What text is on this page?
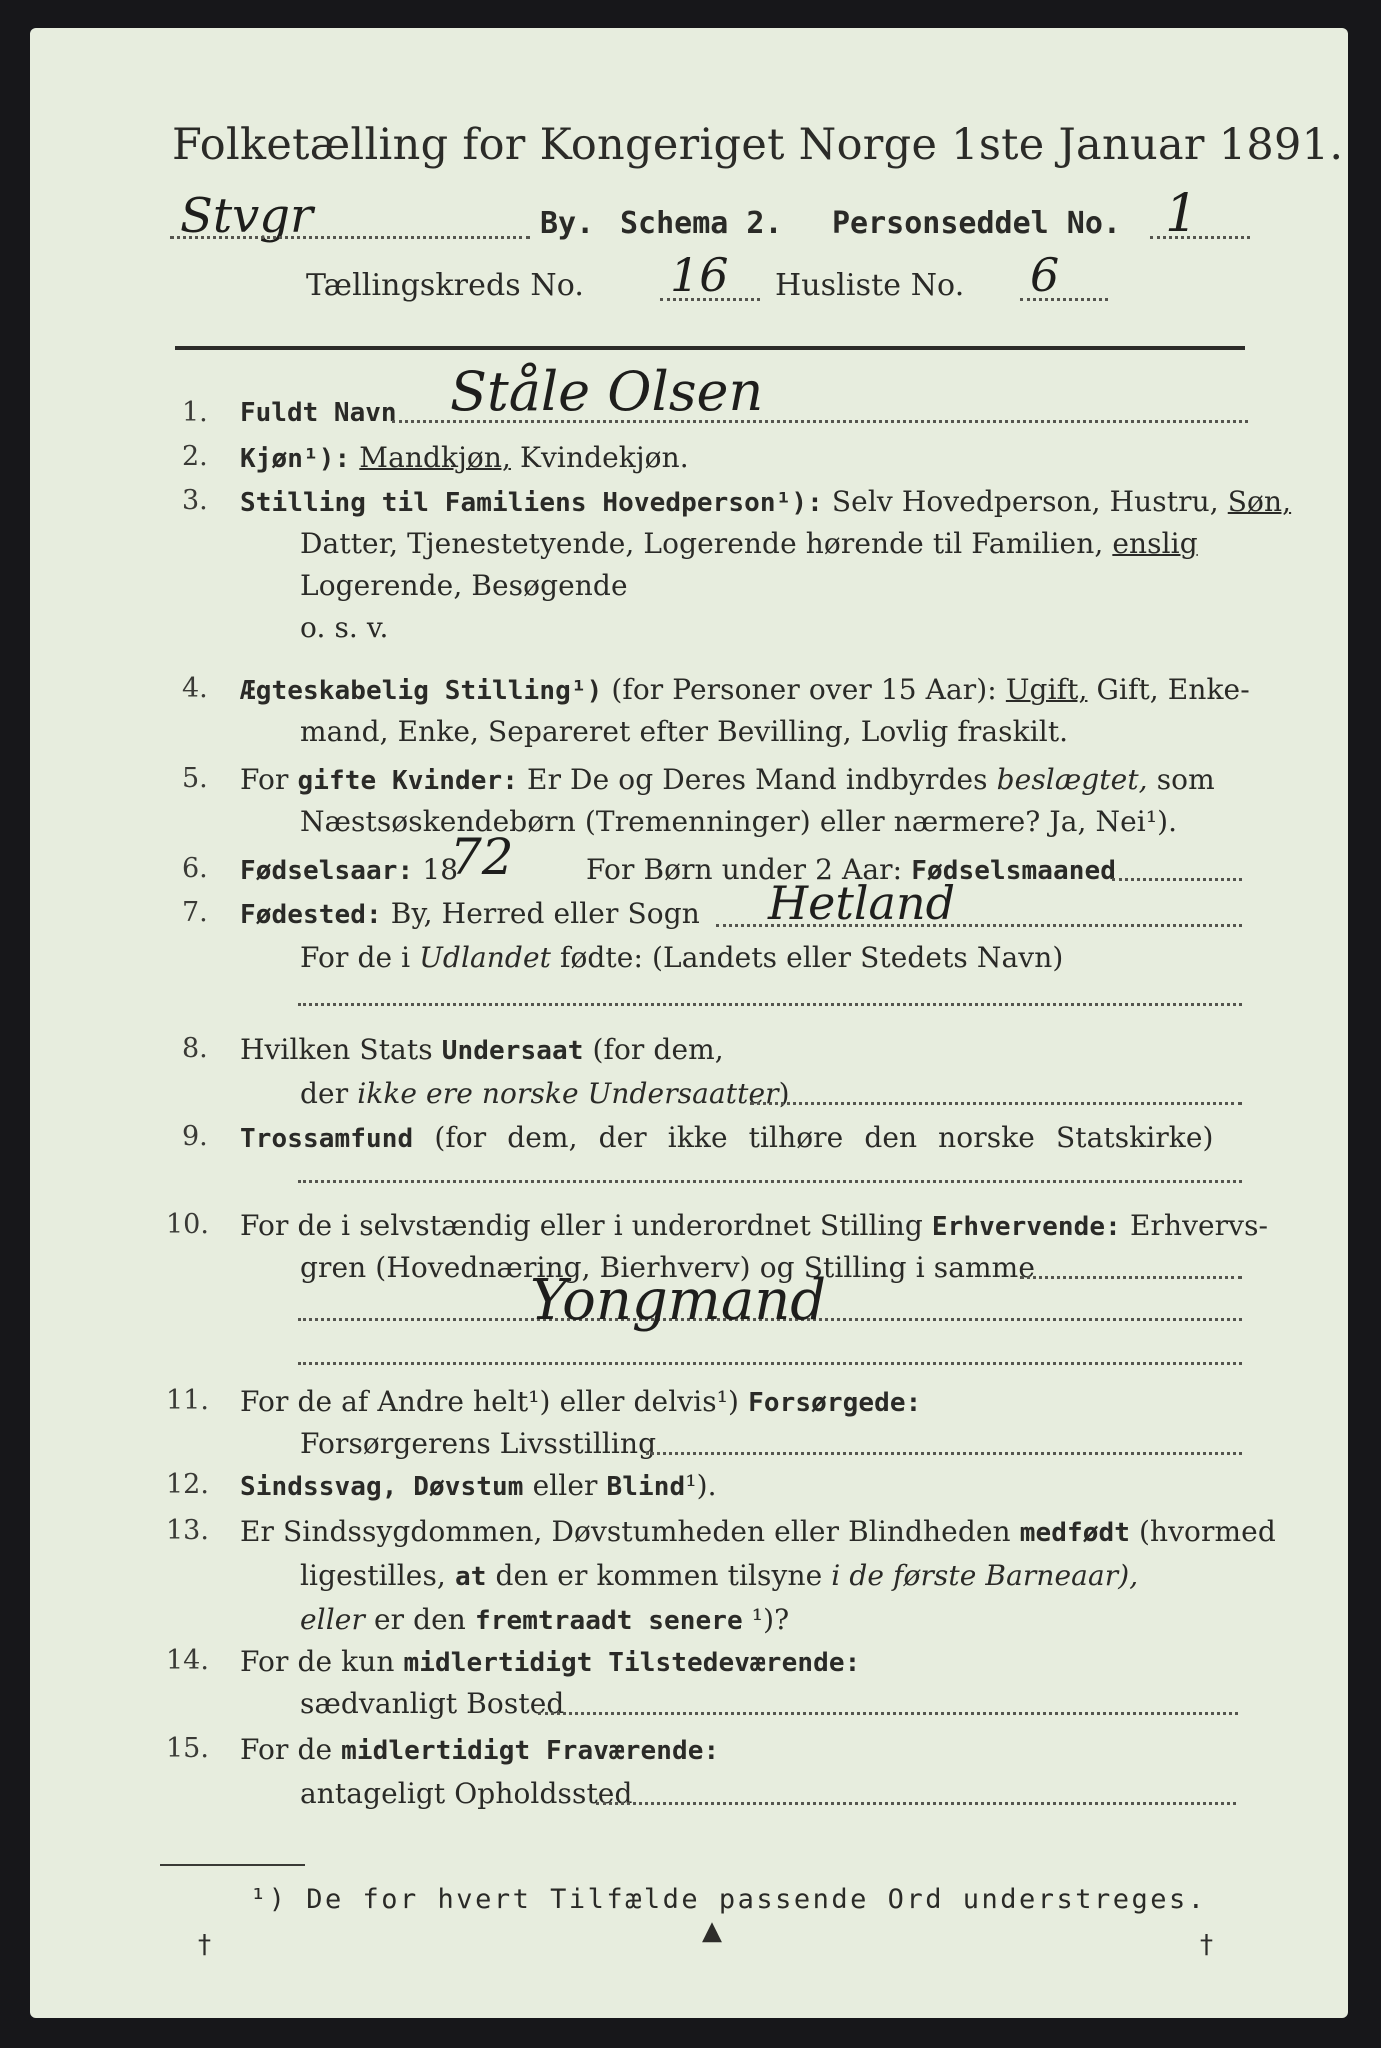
Folketælling for Kongeriget Norge 1ste Januar 1891.
Stvgr	By. Schema 2. Personseddel No. 1
Tællingskreds No. 16 Husliste No. 6
1. Fuldt Navn Ståle Olsen
2. Kjøn¹): Mandkjøn, Kvindekjøn.
3. Stilling til Familiens Hovedperson¹): Selv Hovedperson, Hustru, Søn,
Datter, Tjenestetyende, Logerende hørende til Familien, enslig
Logerende, Besøgende
o. s. v.
4. Ægteskabelig Stilling¹) (for Personer over 15 Aar): Ugift, Gift, Enke-
mand, Enke, Separeret efter Bevilling, Lovlig fraskilt.
5. For gifte Kvinder: Er De og Deres Mand indbyrdes beslægtet, som
Næstsøskendebørn (Tremenninger) eller nærmere? Ja, Nei¹).
6. Fødselsaar: 18
72	For Børn under 2 Aar: Fødselsmaaned
7. Fødested: By, Herred eller Sogn Hetland
For de i Udlandet fødte: (Landets eller Stedets Navn)
8. Hvilken Stats Undersaat (for dem,
der ikke ere norske Undersaatter)
9. Trossamfund (for dem, der ikke tilhøre den norske Statskirke)
10. For de i selvstændig eller i underordnet Stilling Erhvervende: Erhvervs-
gren (Hovednæring, Bierhverv) og Stilling i samme
Yongmand
11. For de af Andre helt¹) eller delvis¹) Forsørgede:
Forsørgerens Livsstilling
12. Sindssvag, Døvstum eller Blind¹).
13. Er Sindssygdommen, Døvstumheden eller Blindheden medfødt (hvormed
ligestilles, at den er kommen tilsyne i de første Barneaar),
eller er den fremtraadt senere ¹)?
14. For de kun midlertidigt Tilstedeværende:
sædvanligt Bosted
15. For de midlertidigt Fraværende:
antageligt Opholdssted
¹) De for hvert Tilfælde passende Ord understreges.
†	▲	†
